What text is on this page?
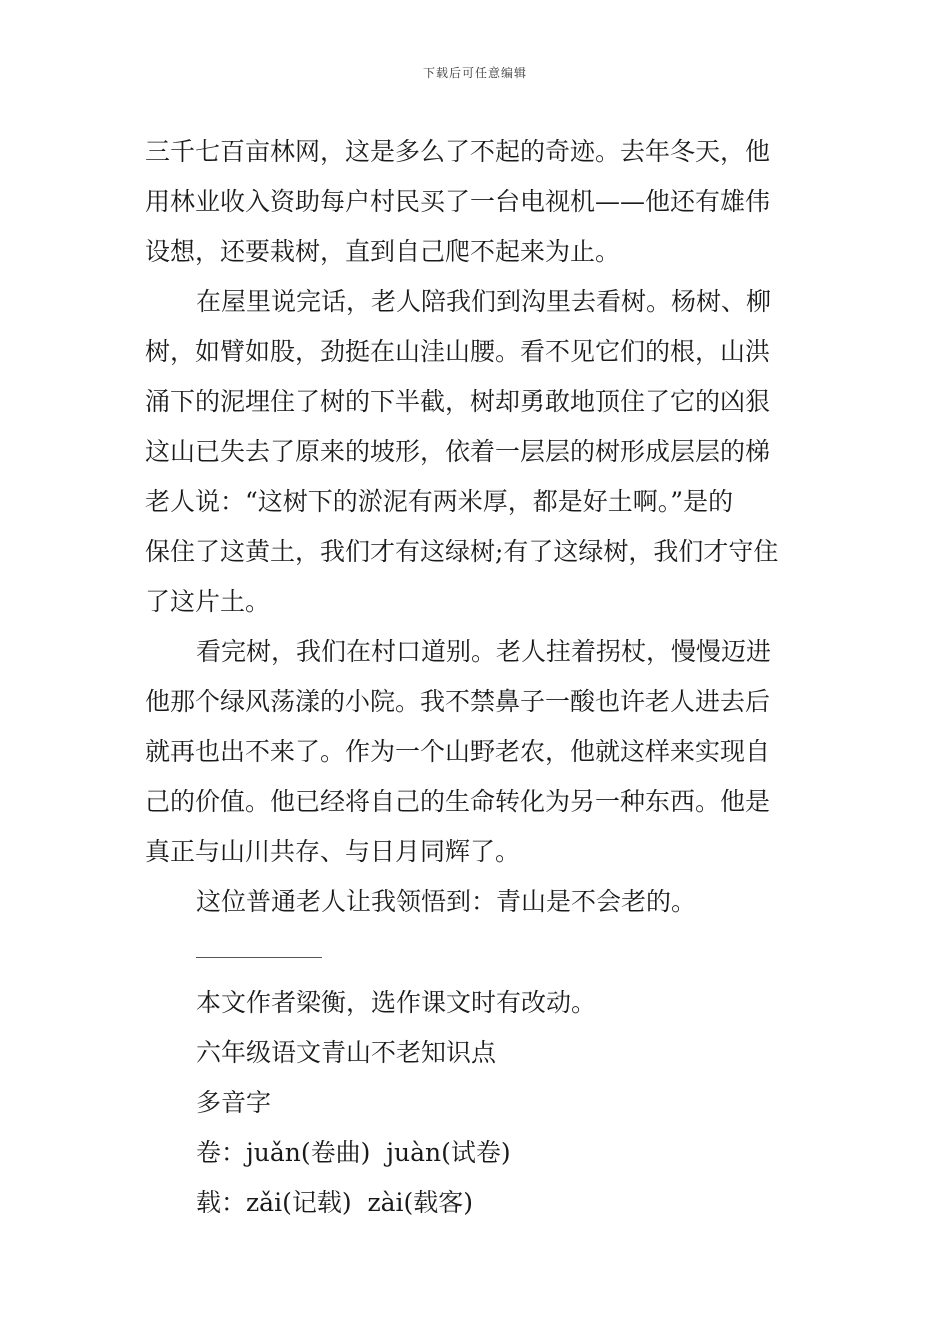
下载后可任意编辑
三千七百亩林网，这是多么了不起的奇迹。去年冬天，他
用林业收入资助每户村民买了一台电视机——他还有雄伟
设想，还要栽树，直到自己爬不起来为止。
在屋里说完话，老人陪我们到沟里去看树。杨树、柳
树，如臂如股，劲挺在山洼山腰。看不见它们的根，山洪
涌下的泥埋住了树的下半截，树却勇敢地顶住了它的凶狠
这山已失去了原来的坡形，依着一层层的树形成层层的梯
老人说：“这树下的淤泥有两米厚，都是好土啊。”是的
保住了这黄土，我们才有这绿树;有了这绿树，我们才守住
了这片土。
看完树，我们在村口道别。老人拄着拐杖，慢慢迈进
他那个绿风荡漾的小院。我不禁鼻子一酸也许老人进去后
就再也出不来了。作为一个山野老农，他就这样来实现自
己的价值。他已经将自己的生命转化为另一种东西。他是
真正与山川共存、与日月同辉了。
这位普通老人让我领悟到：青山是不会老的。
本文作者梁衡，选作课文时有改动。
六年级语文青山不老知识点
多音字
卷：juǎn(卷曲)  juàn(试卷)
载：zǎi(记载)  zài(载客)
